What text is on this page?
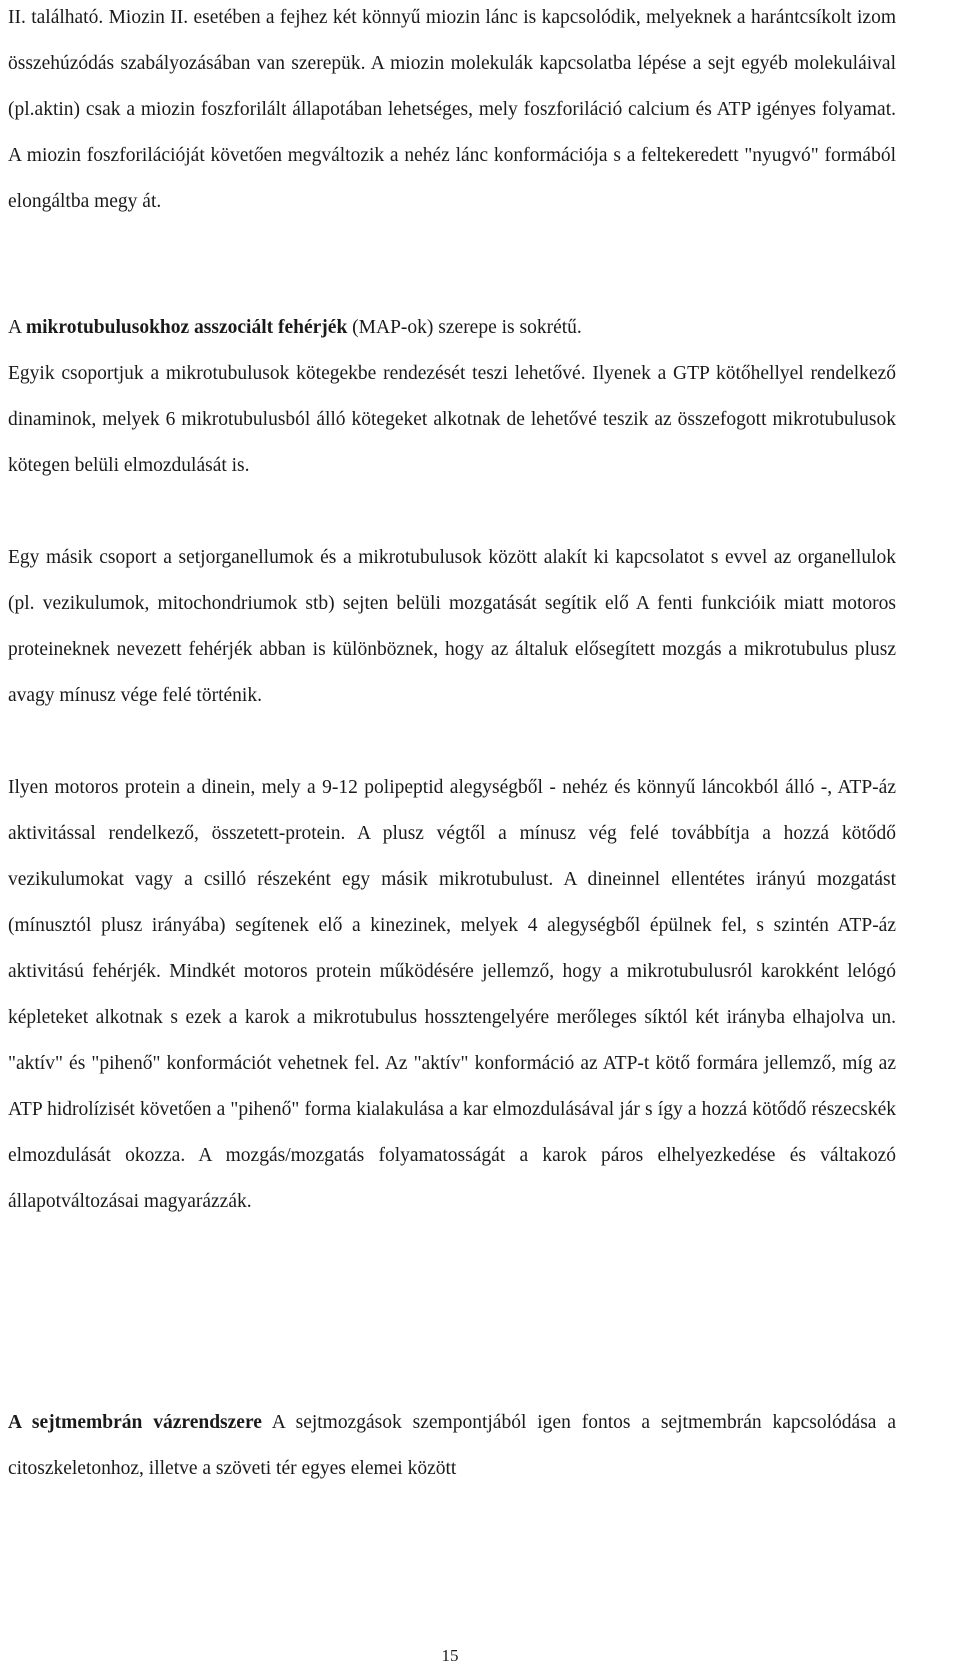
II. található. Miozin II. esetében a fejhez két könnyű miozin lánc is kapcsolódik, melyeknek a harántcsíkolt izom összehúzódás szabályozásában van szerepük. A miozin molekulák kapcsolatba lépése a sejt egyéb molekuláival (pl.aktin) csak a miozin foszforilált állapotában lehetséges, mely foszforiláció calcium és ATP igényes folyamat. A miozin foszforilációját követően megváltozik a nehéz lánc konformációja s a feltekeredett "nyugvó" formából elongáltba megy át.

A mikrotubulusokhoz asszociált fehérjék (MAP-ok) szerepe is sokrétű.

Egyik csoportjuk a mikrotubulusok kötegekbe rendezését teszi lehetővé. Ilyenek a GTP kötőhellyel rendelkező dinaminok, melyek 6 mikrotubulusból álló kötegeket alkotnak de lehetővé teszik az összefogott mikrotubulusok kötegen belüli elmozdulását is.

Egy másik csoport a setjorganellumok és a mikrotubulusok között alakít ki kapcsolatot s evvel az organellulok (pl. vezikulumok, mitochondriumok stb) sejten belüli mozgatását segítik elő A fenti funkcióik miatt motoros proteineknek nevezett fehérjék abban is különböznek, hogy az általuk elősegített mozgás a mikrotubulus plusz avagy mínusz vége felé történik.

Ilyen motoros protein a dinein, mely a 9-12 polipeptid alegységből - nehéz és könnyű láncokból álló -, ATP-áz aktivitással rendelkező, összetett-protein. A plusz végtől a mínusz vég felé továbbítja a hozzá kötődő vezikulumokat vagy a csilló részeként egy másik mikrotubulust. A dineinnel ellentétes irányú mozgatást (mínusztól plusz irányába) segítenek elő a kinezinek, melyek 4 alegységből épülnek fel, s szintén ATP-áz aktivitású fehérjék. Mindkét motoros protein működésére jellemző, hogy a mikrotubulusról karokként lelógó képleteket alkotnak s ezek a karok a mikrotubulus hossztengelyére merőleges síktól két irányba elhajolva un. "aktív" és "pihenő" konformációt vehetnek fel. Az "aktív" konformáció az ATP-t kötő formára jellemző, míg az ATP hidrolízisét követően a "pihenő" forma kialakulása a kar elmozdulásával jár s így a hozzá kötődő részecskék elmozdulását okozza. A mozgás/mozgatás folyamatosságát a karok páros elhelyezkedése és váltakozó állapotváltozásai magyarázzák.

A sejtmembrán vázrendszere A sejtmozgások szempontjából igen fontos a sejtmembrán kapcsolódása a citoszkeletonhoz, illetve a szöveti tér egyes elemei között

15
